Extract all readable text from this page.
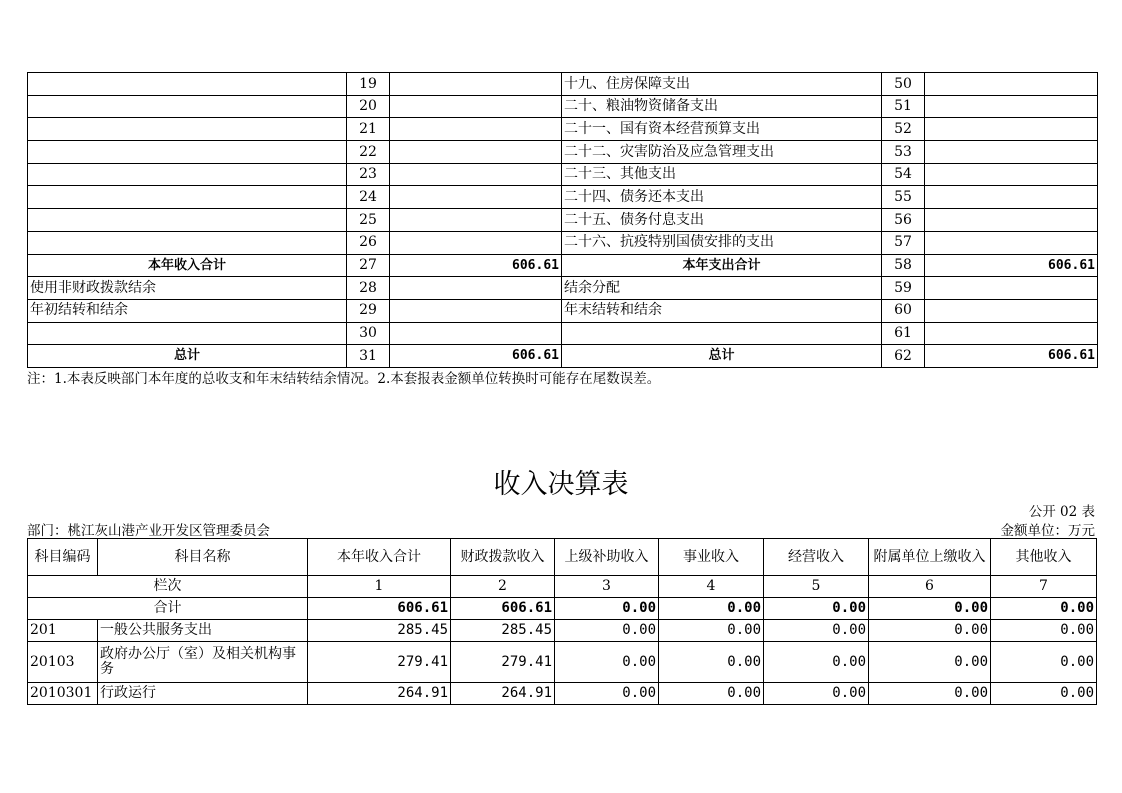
	19		十九、住房保障支出	50	
	20		二十、粮油物资储备支出	51	
	21		二十一、国有资本经营预算支出	52	
	22		二十二、灾害防治及应急管理支出	53	
	23		二十三、其他支出	54	
	24		二十四、债务还本支出	55	
	25		二十五、债务付息支出	56	
	26		二十六、抗疫特别国债安排的支出	57	
本年收入合计	27	606.61	本年支出合计	58	606.61
使用非财政拨款结余	28		结余分配	59	
年初结转和结余	29		年末结转和结余	60	
	30			61	
总计	31	606.61	总计	62	606.61
注：1.本表反映部门本年度的总收支和年末结转结余情况。2.本套报表金额单位转换时可能存在尾数误差。
收入决算表
公开 02 表
部门：桃江灰山港产业开发区管理委员会	金额单位：万元
科目编码	科目名称	本年收入合计	财政拨款收入	上级补助收入	事业收入	经营收入	附属单位上缴收入	其他收入
栏次		1	2	3	4	5	6	7
合计		606.61	606.61	0.00	0.00	0.00	0.00	0.00
201	一般公共服务支出	285.45	285.45	0.00	0.00	0.00	0.00	0.00
20103	政府办公厅（室）及相关机构事务	279.41	279.41	0.00	0.00	0.00	0.00	0.00
2010301	行政运行	264.91	264.91	0.00	0.00	0.00	0.00	0.00
